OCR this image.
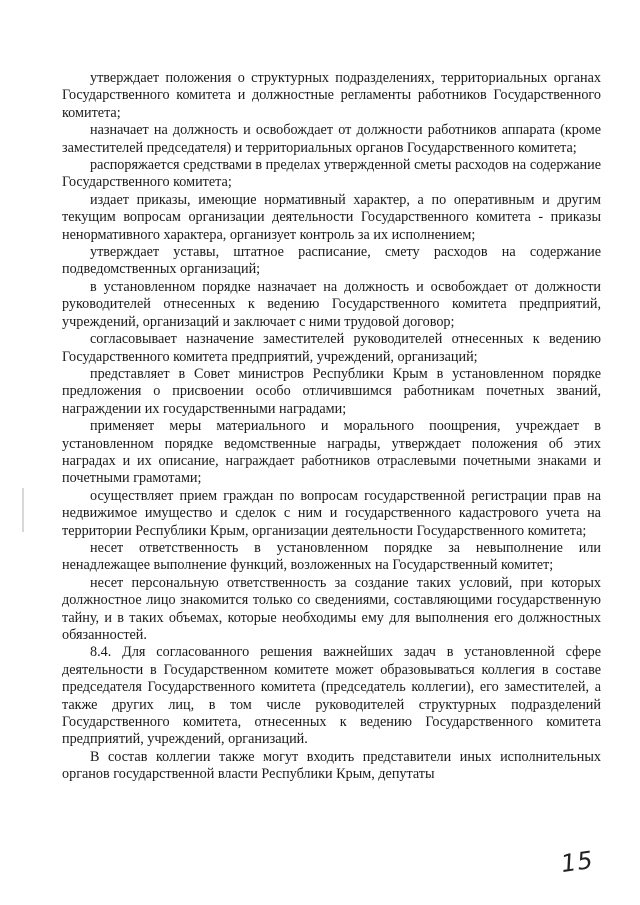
утверждает положения о структурных подразделениях, территориальных органах Государственного комитета и должностные регламенты работников Государственного комитета;

назначает на должность и освобождает от должности работников аппарата (кроме заместителей председателя) и территориальных органов Государственного комитета;

распоряжается средствами в пределах утвержденной сметы расходов на содержание Государственного комитета;

издает приказы, имеющие нормативный характер, а по оперативным и другим текущим вопросам организации деятельности Государственного комитета - приказы ненормативного характера, организует контроль за их исполнением;

утверждает уставы, штатное расписание, смету расходов на содержание подведомственных организаций;

в установленном порядке назначает на должность и освобождает от должности руководителей отнесенных к ведению Государственного комитета предприятий, учреждений, организаций и заключает с ними трудовой договор;

согласовывает назначение заместителей руководителей отнесенных к ведению Государственного комитета предприятий, учреждений, организаций;

представляет в Совет министров Республики Крым в установленном порядке предложения о присвоении особо отличившимся работникам почетных званий, награждении их государственными наградами;

применяет меры материального и морального поощрения, учреждает в установленном порядке ведомственные награды, утверждает положения об этих наградах и их описание, награждает работников отраслевыми почетными знаками и почетными грамотами;

осуществляет прием граждан по вопросам государственной регистрации прав на недвижимое имущество и сделок с ним и государственного кадастрового учета на территории Республики Крым, организации деятельности Государственного комитета;

несет ответственность в установленном порядке за невыполнение или ненадлежащее выполнение функций, возложенных на Государственный комитет;

несет персональную ответственность за создание таких условий, при которых должностное лицо знакомится только со сведениями, составляющими государственную тайну, и в таких объемах, которые необходимы ему для выполнения его должностных обязанностей.

8.4. Для согласованного решения важнейших задач в установленной сфере деятельности в Государственном комитете может образовываться коллегия в составе председателя Государственного комитета (председатель коллегии), его заместителей, а также других лиц, в том числе руководителей структурных подразделений Государственного комитета, отнесенных к ведению Государственного комитета предприятий, учреждений, организаций.

В состав коллегии также могут входить представители иных исполнительных органов государственной власти Республики Крым, депутаты

15
